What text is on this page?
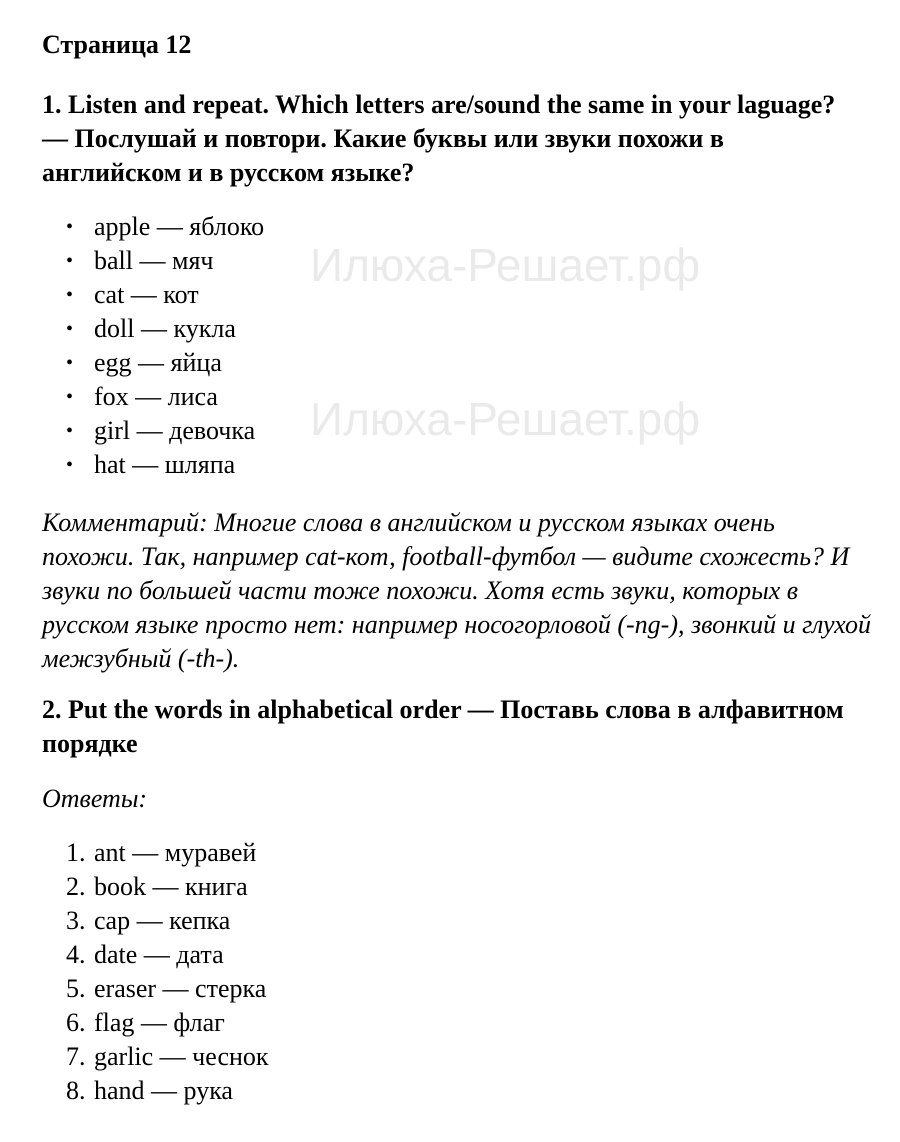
Илюха-Решает.рф
Илюха-Решает.рф
Страница 12
1. Listen and repeat. Which letters are/sound the same in your laguage? — Послушай и повтори. Какие буквы или звуки похожи в английском и в русском языке?
• apple — яблоко
• ball — мяч
• cat — кот
• doll — кукла
• egg — яйца
• fox — лиса
• girl — девочка
• hat — шляпа

Комментарий: Многие слова в английском и русском языках очень похожи. Так, например cat-кот, football-футбол — видите схожесть? И звуки по большей части тоже похожи. Хотя есть звуки, которых в русском языке просто нет: например носогорловой (-ng-), звонкий и глухой межзубный (-th-).

2. Put the words in alphabetical order — Поставь слова в алфавитном порядке
Ответы:
1. ant — муравей
2. book — книга
3. cap — кепка
4. date — дата
5. eraser — стерка
6. flag — флаг
7. garlic — чеснок
8. hand — рука
